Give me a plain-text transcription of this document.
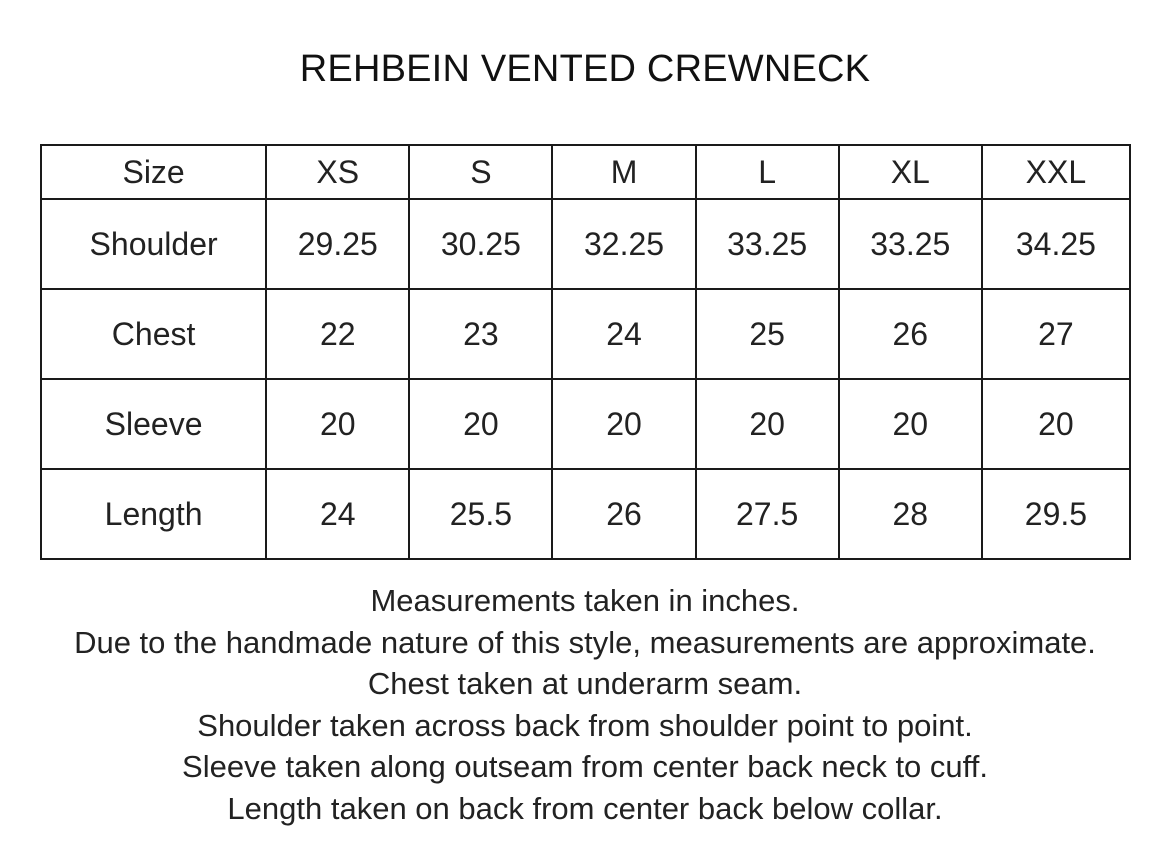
REHBEIN VENTED CREWNECK
Size	XS	S	M	L	XL	XXL
Shoulder	29.25	30.25	32.25	33.25	33.25	34.25
Chest	22	23	24	25	26	27
Sleeve	20	20	20	20	20	20
Length	24	25.5	26	27.5	28	29.5
Measurements taken in inches.
Due to the handmade nature of this style, measurements are approximate.
Chest taken at underarm seam.
Shoulder taken across back from shoulder point to point.
Sleeve taken along outseam from center back neck to cuff.
Length taken on back from center back below collar.
